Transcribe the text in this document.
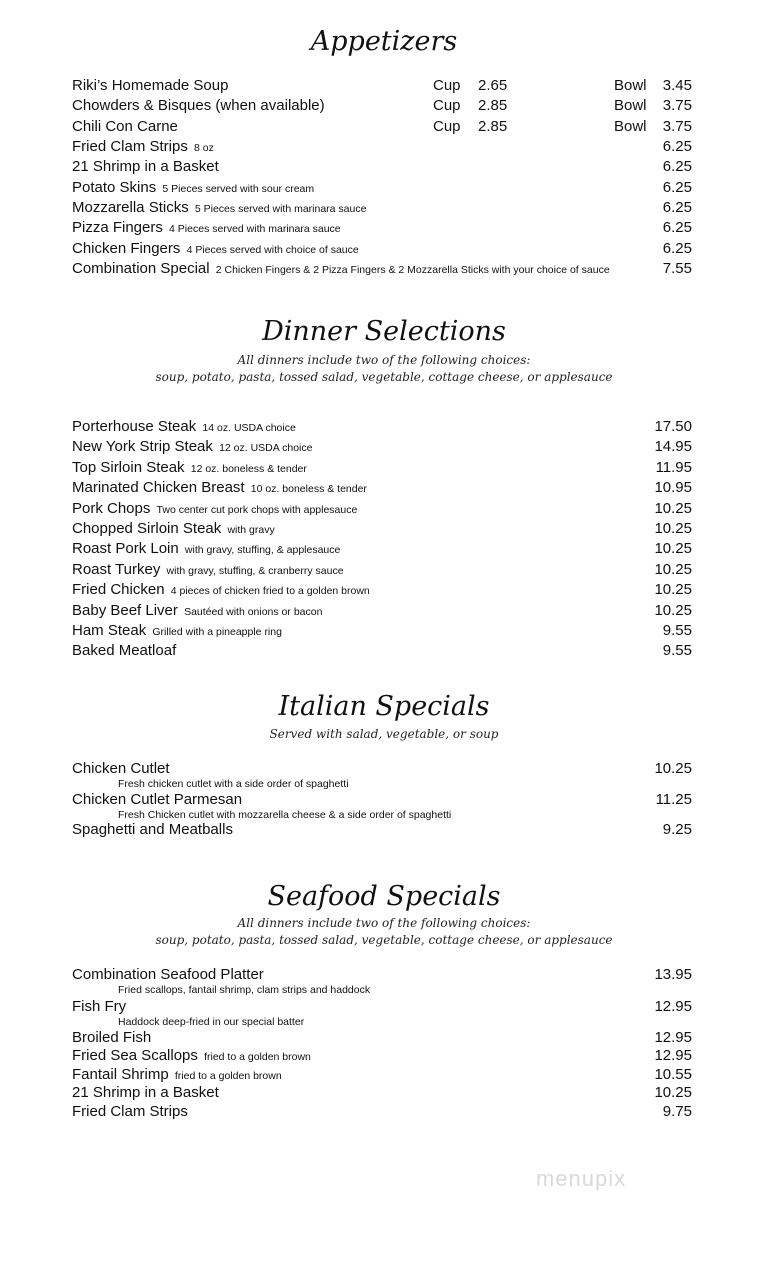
Appetizers
Riki’s Homemade Soup	Cup 2.65	Bowl	3.45
Chowders & Bisques (when available)	Cup 2.85	Bowl	3.75
Chili Con Carne	Cup 2.85	Bowl	3.75
Fried Clam Strips 8 oz	6.25
21 Shrimp in a Basket	6.25
Potato Skins 5 Pieces served with sour cream	6.25
Mozzarella Sticks 5 Pieces served with marinara sauce	6.25
Pizza Fingers 4 Pieces served with marinara sauce	6.25
Chicken Fingers 4 Pieces served with choice of sauce	6.25
Combination Special 2 Chicken Fingers & 2 Pizza Fingers & 2 Mozzarella Sticks with your choice of sauce	7.55
Dinner Selections
All dinners include two of the following choices:
soup, potato, pasta, tossed salad, vegetable, cottage cheese, or applesauce
Porterhouse Steak 14 oz. USDA choice	17.50
New York Strip Steak 12 oz. USDA choice	14.95
Top Sirloin Steak 12 oz. boneless & tender	11.95
Marinated Chicken Breast 10 oz. boneless & tender	10.95
Pork Chops Two center cut pork chops with applesauce	10.25
Chopped Sirloin Steak with gravy	10.25
Roast Pork Loin with gravy, stuffing, & applesauce	10.25
Roast Turkey with gravy, stuffing, & cranberry sauce	10.25
Fried Chicken 4 pieces of chicken fried to a golden brown	10.25
Baby Beef Liver Sautéed with onions or bacon	10.25
Ham Steak Grilled with a pineapple ring	9.55
Baked Meatloaf	9.55
Italian Specials
Served with salad, vegetable, or soup
Chicken Cutlet	10.25
Fresh chicken cutlet with a side order of spaghetti
Chicken Cutlet Parmesan	11.25
Fresh Chicken cutlet with mozzarella cheese & a side order of spaghetti
Spaghetti and Meatballs	9.25
Seafood Specials
All dinners include two of the following choices:
soup, potato, pasta, tossed salad, vegetable, cottage cheese, or applesauce
Combination Seafood Platter	13.95
Fried scallops, fantail shrimp, clam strips and haddock
Fish Fry	12.95
Haddock deep-fried in our special batter
Broiled Fish	12.95
Fried Sea Scallops fried to a golden brown	12.95
Fantail Shrimp fried to a golden brown	10.55
21 Shrimp in a Basket	10.25
Fried Clam Strips	9.75
menupix
